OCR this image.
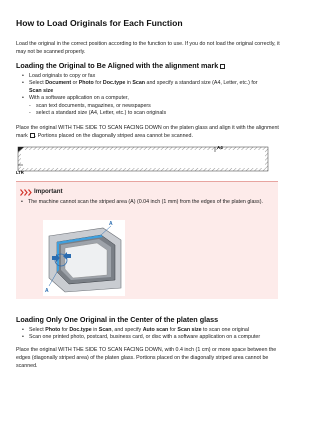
How to Load Originals for Each Function

Load the original in the correct position according to the function to use. If you do not load the original correctly, it may not be scanned properly.

Loading the Original to Be Aligned with the alignment mark
• Load originals to copy or fax
• Select Document or Photo for Doc.type in Scan and specify a standard size (A4, Letter, etc.) for
Scan size
• With a software application on a computer,
- scan text documents, magazines, or newspapers
- select a standard size (A4, Letter, etc.) to scan originals

Place the original WITH THE SIDE TO SCAN FACING DOWN on the platen glass and align it with the alignment mark . Portions placed on the diagonally striped area cannot be scanned.

A4
LTR
Important
• The machine cannot scan the striped area (A) (0.04 inch (1 mm) from the edges of the platen glass).
A
A
Loading Only One Original in the Center of the platen glass
• Select Photo for Doc.type in Scan, and specify Auto scan for Scan size to scan one original
• Scan one printed photo, postcard, business card, or disc with a software application on a computer

Place the original WITH THE SIDE TO SCAN FACING DOWN, with 0.4 inch (1 cm) or more space between the edges (diagonally striped area) of the platen glass. Portions placed on the diagonally striped area cannot be scanned.
